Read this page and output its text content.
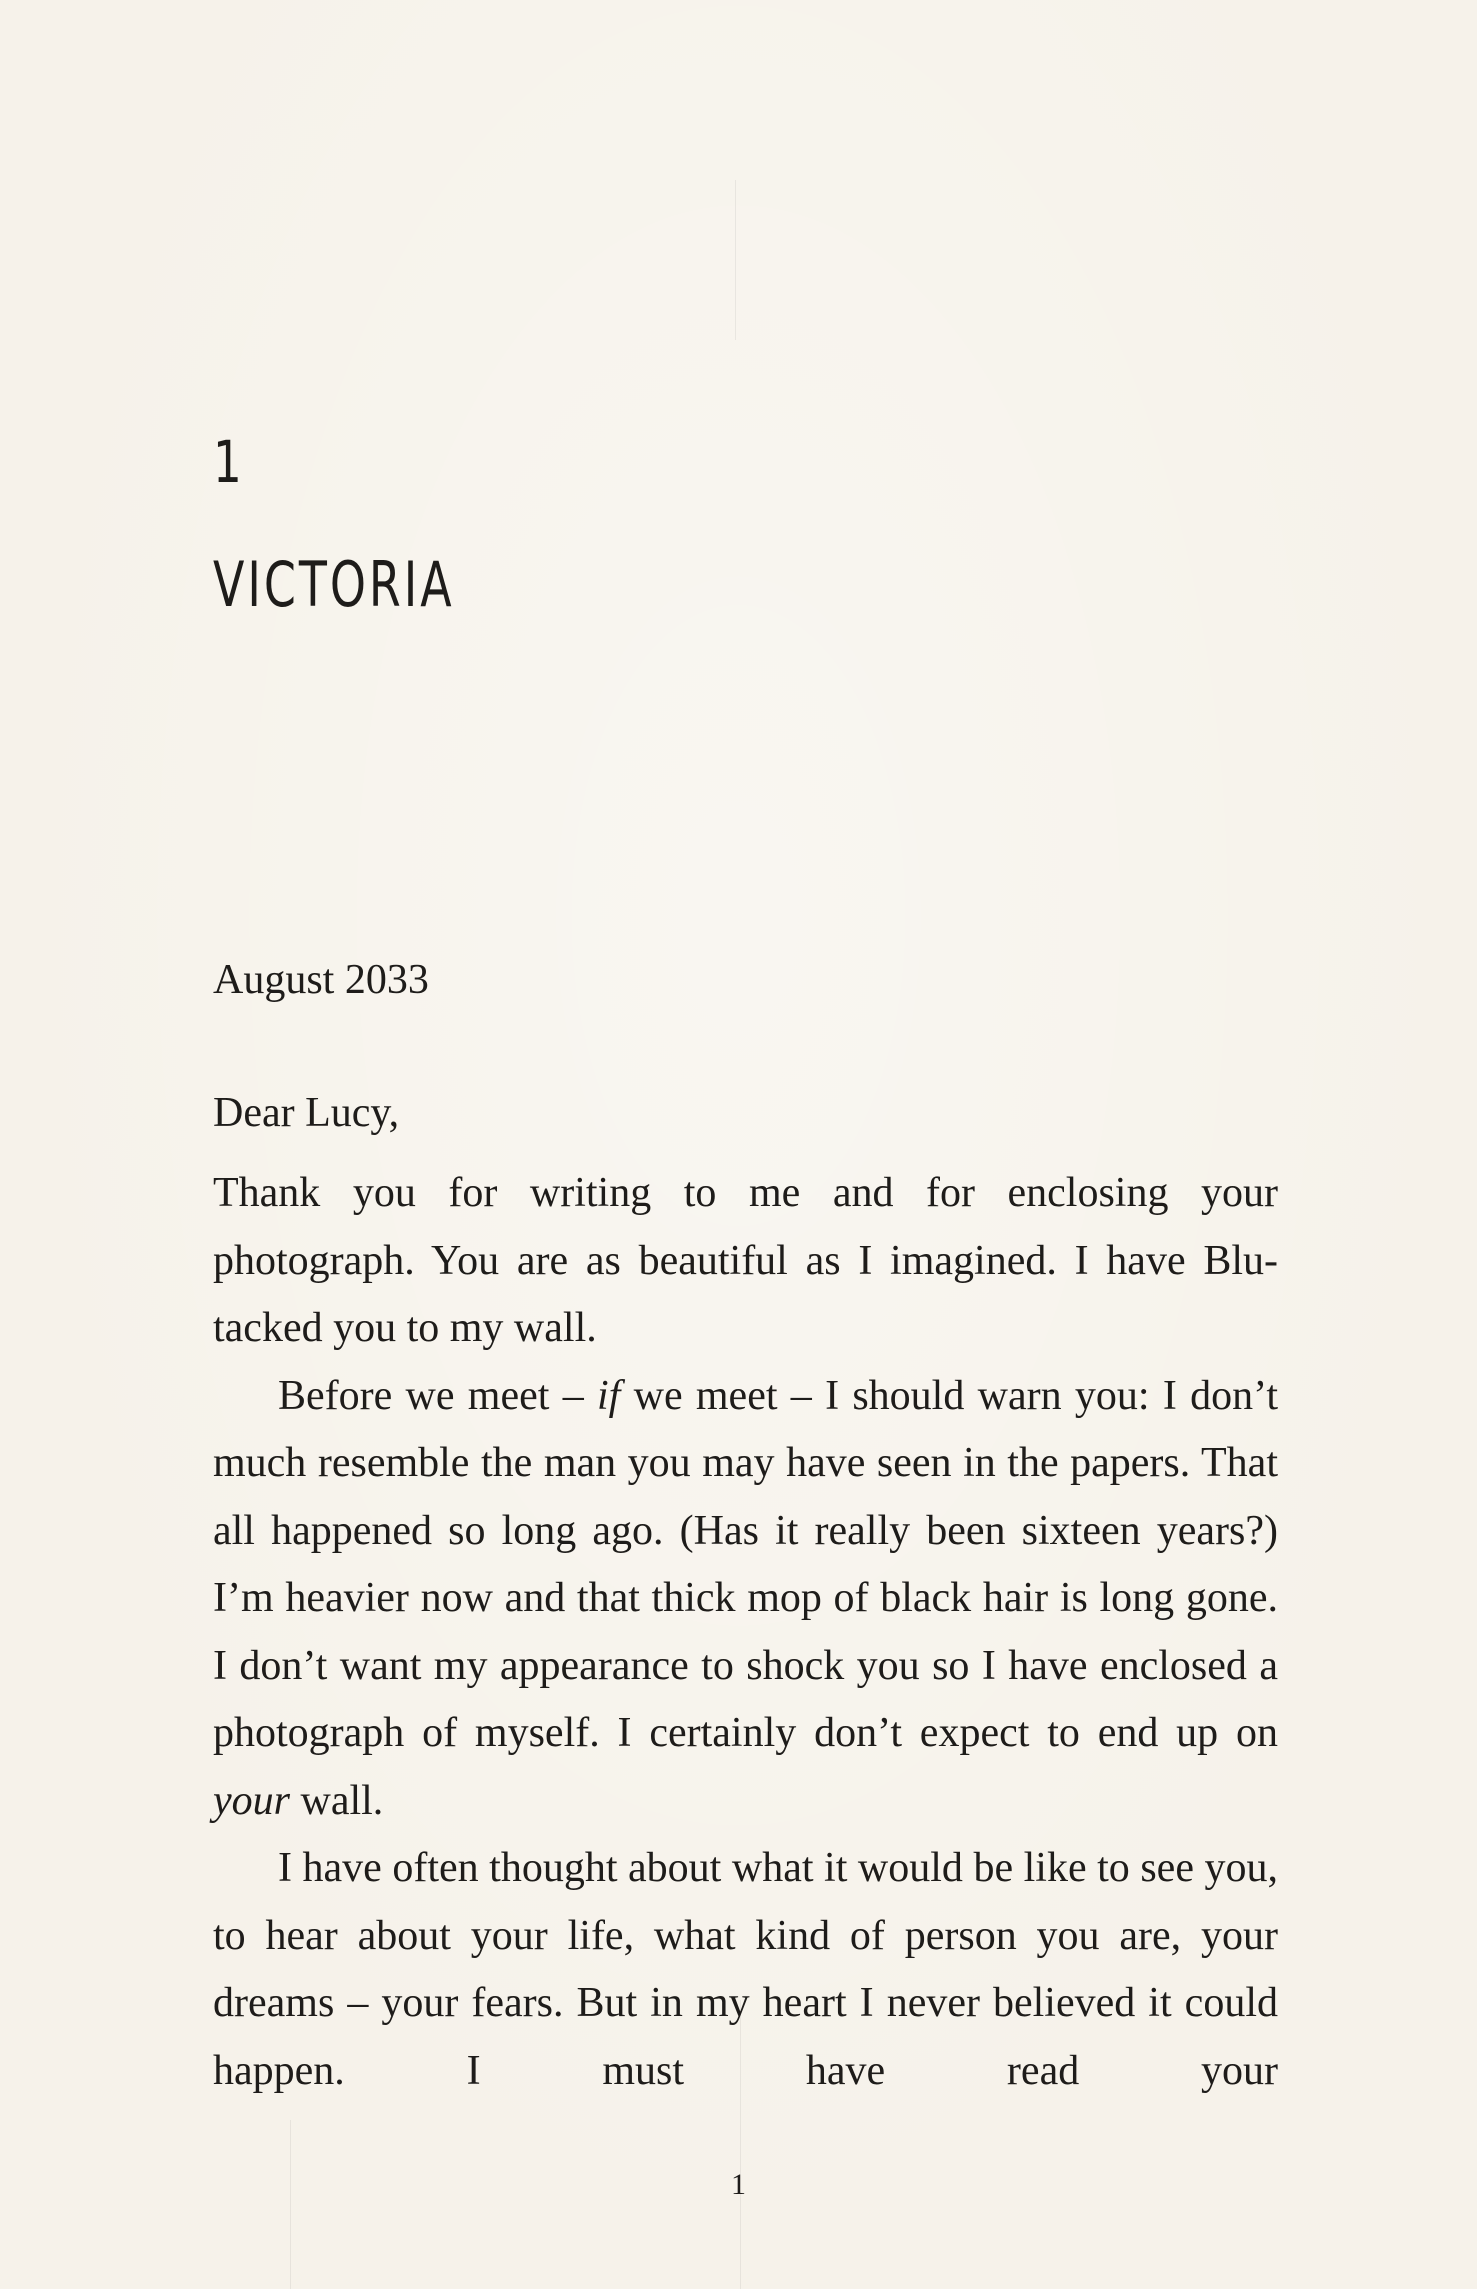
1
VICTORIA

August 2033

Dear Lucy,

Thank you for writing to me and for enclosing your photograph. You are as beautiful as I imagined. I have Blu-tacked you to my wall.

Before we meet – if we meet – I should warn you: I don’t much resemble the man you may have seen in the papers. That all happened so long ago. (Has it really been sixteen years?) I’m heavier now and that thick mop of black hair is long gone. I don’t want my appearance to shock you so I have enclosed a photograph of myself. I certainly don’t expect to end up on your wall.

I have often thought about what it would be like to see you, to hear about your life, what kind of person you are, your dreams – your fears. But in my heart I never believed it could happen. I must have read your

1
